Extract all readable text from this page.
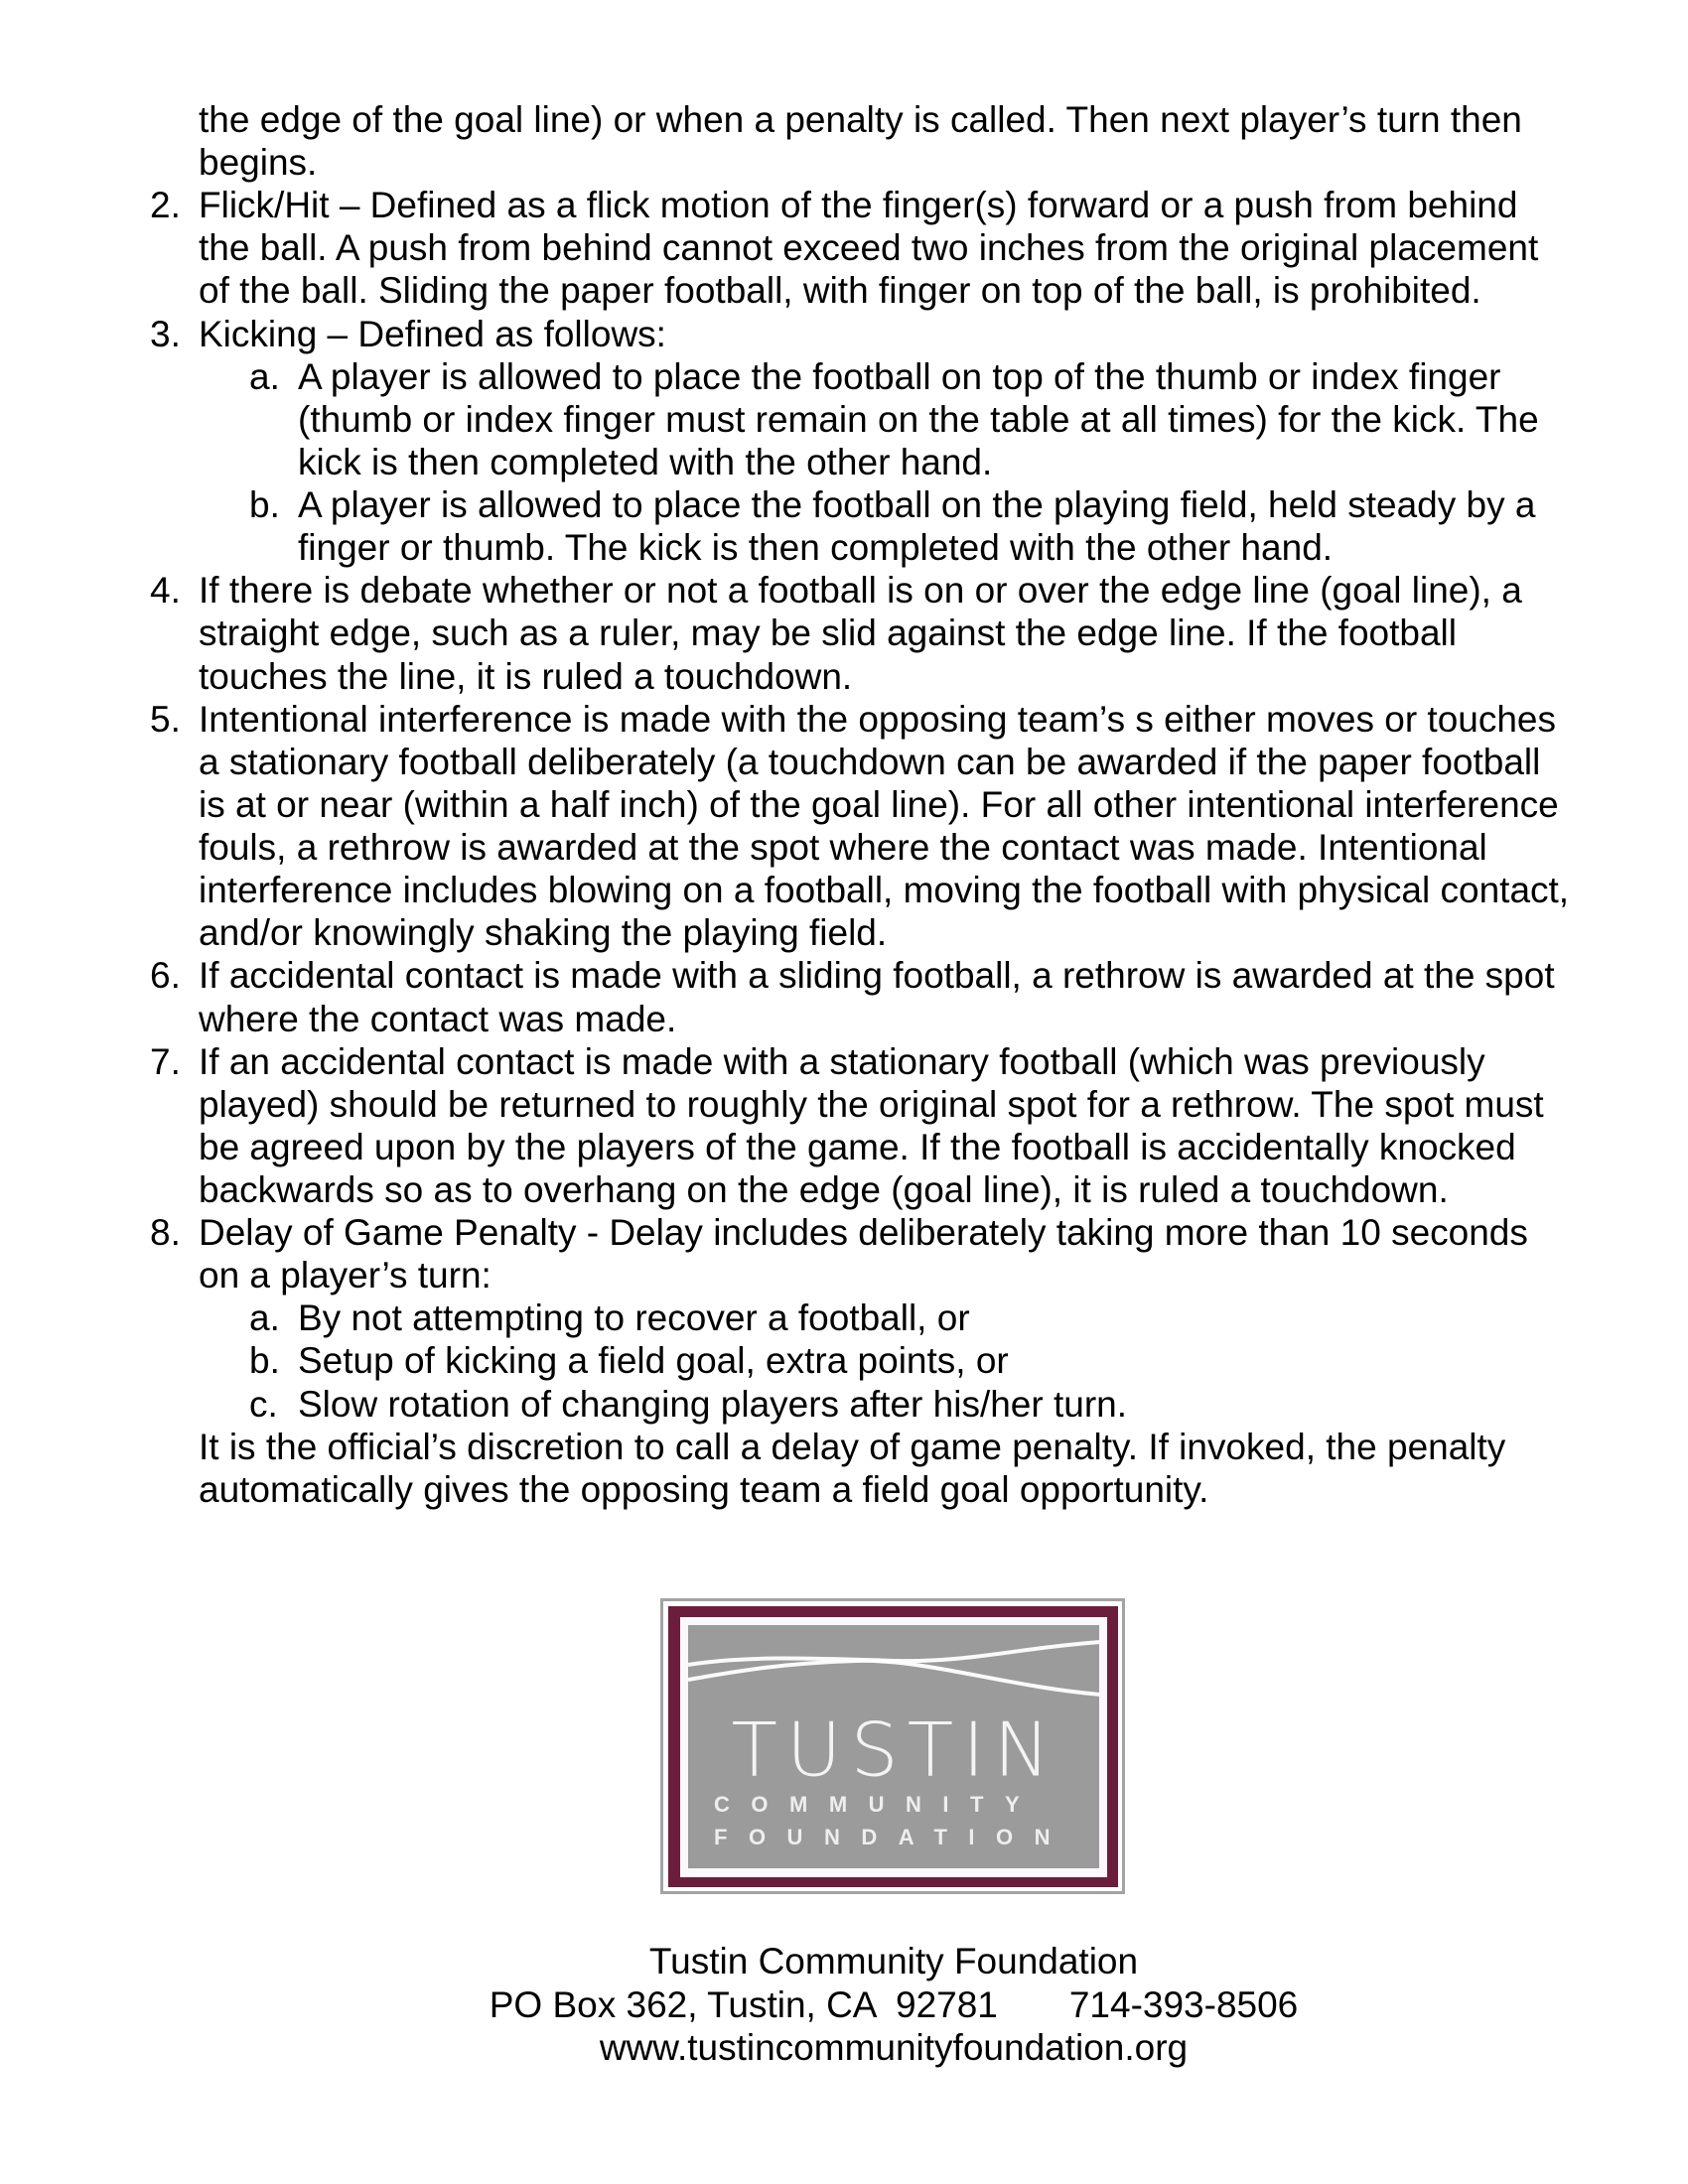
the edge of the goal line) or when a penalty is called. Then next player’s turn then
begins.
2. Flick/Hit – Defined as a flick motion of the finger(s) forward or a push from behind
the ball. A push from behind cannot exceed two inches from the original placement
of the ball. Sliding the paper football, with finger on top of the ball, is prohibited.
3. Kicking – Defined as follows:
a. A player is allowed to place the football on top of the thumb or index finger
(thumb or index finger must remain on the table at all times) for the kick. The
kick is then completed with the other hand.
b. A player is allowed to place the football on the playing field, held steady by a
finger or thumb. The kick is then completed with the other hand.
4. If there is debate whether or not a football is on or over the edge line (goal line), a
straight edge, such as a ruler, may be slid against the edge line. If the football
touches the line, it is ruled a touchdown.
5. Intentional interference is made with the opposing team’s s either moves or touches
a stationary football deliberately (a touchdown can be awarded if the paper football
is at or near (within a half inch) of the goal line). For all other intentional interference
fouls, a rethrow is awarded at the spot where the contact was made. Intentional
interference includes blowing on a football, moving the football with physical contact,
and/or knowingly shaking the playing field.
6. If accidental contact is made with a sliding football, a rethrow is awarded at the spot
where the contact was made.
7. If an accidental contact is made with a stationary football (which was previously
played) should be returned to roughly the original spot for a rethrow. The spot must
be agreed upon by the players of the game. If the football is accidentally knocked
backwards so as to overhang on the edge (goal line), it is ruled a touchdown.
8. Delay of Game Penalty - Delay includes deliberately taking more than 10 seconds
on a player’s turn:
a. By not attempting to recover a football, or
b. Setup of kicking a field goal, extra points, or
c. Slow rotation of changing players after his/her turn.
It is the official’s discretion to call a delay of game penalty. If invoked, the penalty
automatically gives the opposing team a field goal opportunity.
TUSTIN
COMMUNITY
FOUNDATION
Tustin Community Foundation
PO Box 362, Tustin, CA  92781       714-393-8506
www.tustincommunityfoundation.org
